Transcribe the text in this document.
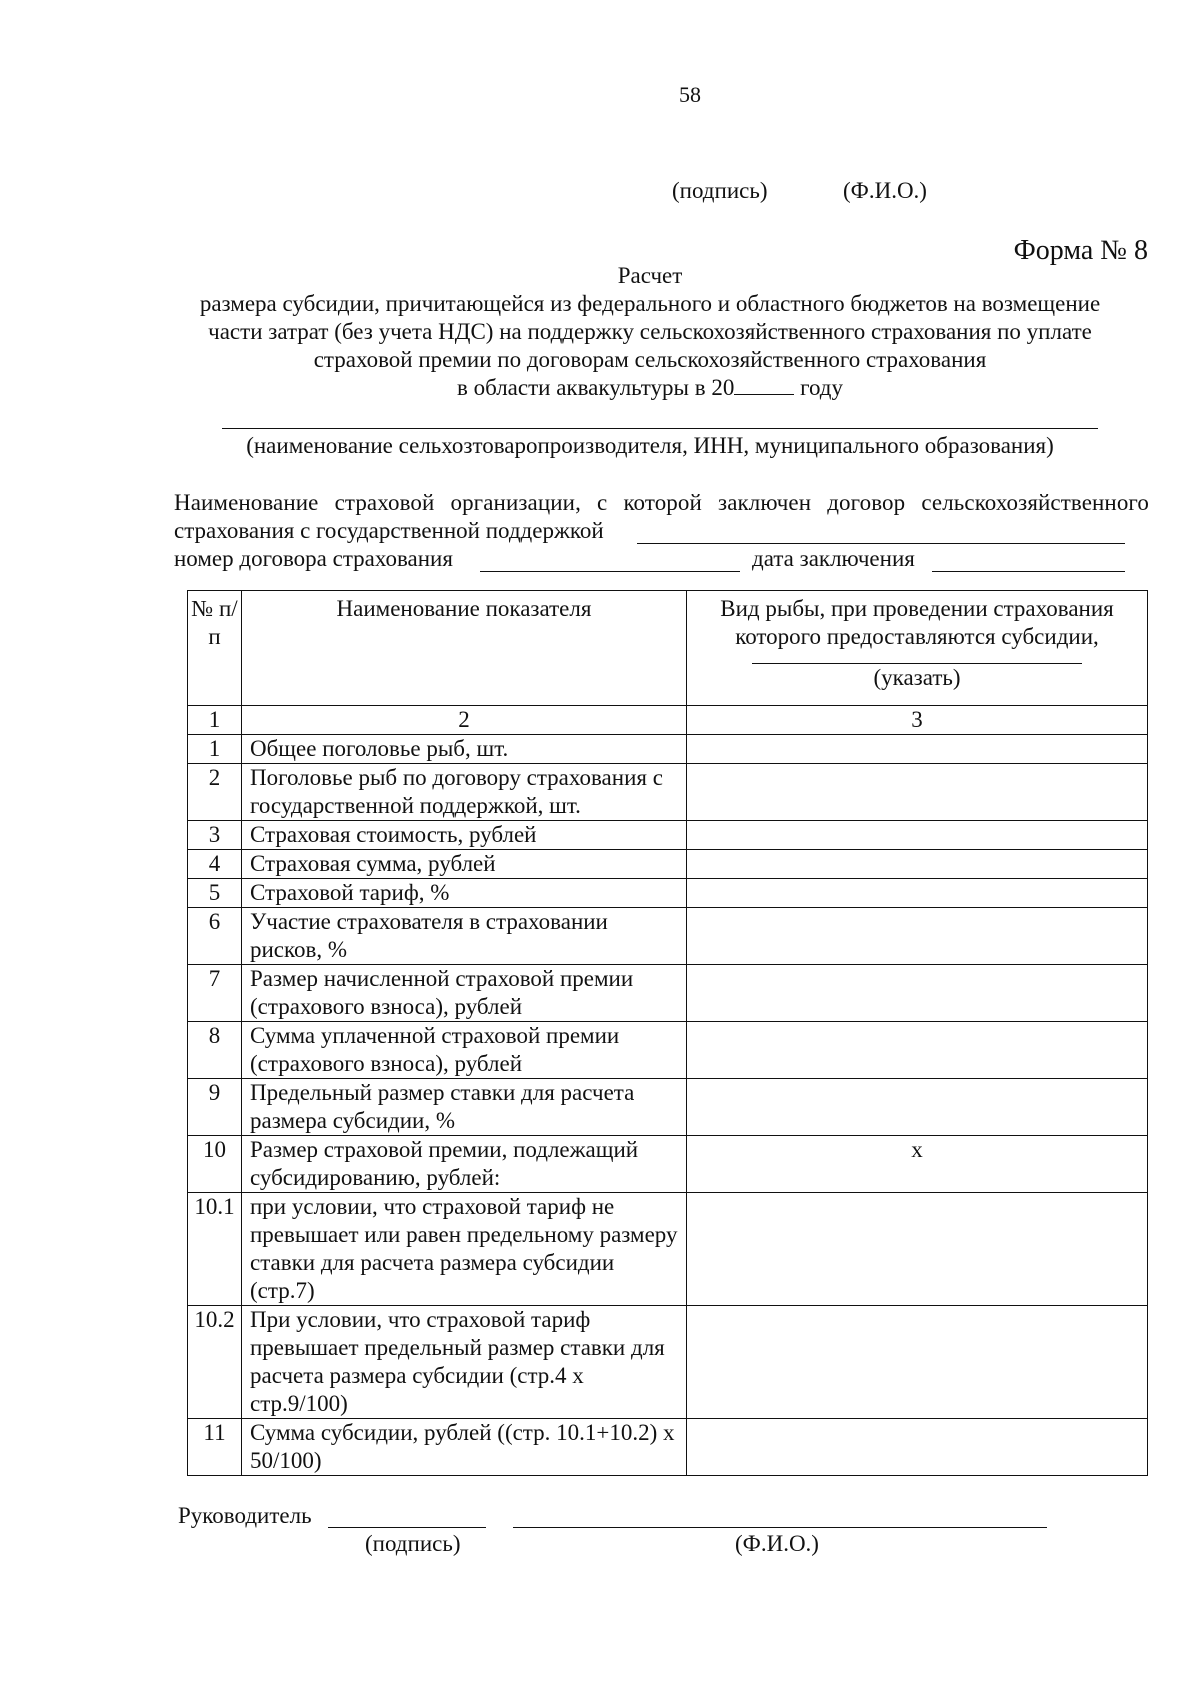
58
(подпись)	(Ф.И.О.)
Форма № 8
Расчет
размера субсидии, причитающейся из федерального и областного бюджетов на возмещение
части затрат (без учета НДС) на поддержку сельскохозяйственного страхования по уплате
страховой премии по договорам сельскохозяйственного страхования
в области аквакультуры в 20	году
(наименование сельхозтоваропроизводителя, ИНН, муниципального образования)
Наименование страховой организации, с которой заключен договор сельскохозяйственного
страхования с государственной поддержкой
номер договора страхования	дата заключения
№ п/п	Наименование показателя	Вид рыбы, при проведении страхования
которого предоставляются субсидии,
(указать)

1	2	3
1	Общее поголовье рыб, шт.	
2	Поголовье рыб по договору страхования с государственной поддержкой, шт.	
3	Страховая стоимость, рублей	
4	Страховая сумма, рублей	
5	Страховой тариф, %	
6	Участие страхователя в страховании рисков, %	
7	Размер начисленной страховой премии (страхового взноса), рублей	
8	Сумма уплаченной страховой премии (страхового взноса), рублей	
9	Предельный размер ставки для расчета размера субсидии, %	
10	Размер страховой премии, подлежащий субсидированию, рублей:	х
10.1	при условии, что страховой тариф не превышает или равен предельному размеру ставки для расчета размера субсидии (стр.7)	
10.2	При условии, что страховой тариф превышает предельный размер ставки для расчета размера субсидии (стр.4 х стр.9/100)	
11	Сумма субсидии, рублей ((стр. 10.1+10.2) х 50/100)	
Руководитель
(подпись)	(Ф.И.О.)
